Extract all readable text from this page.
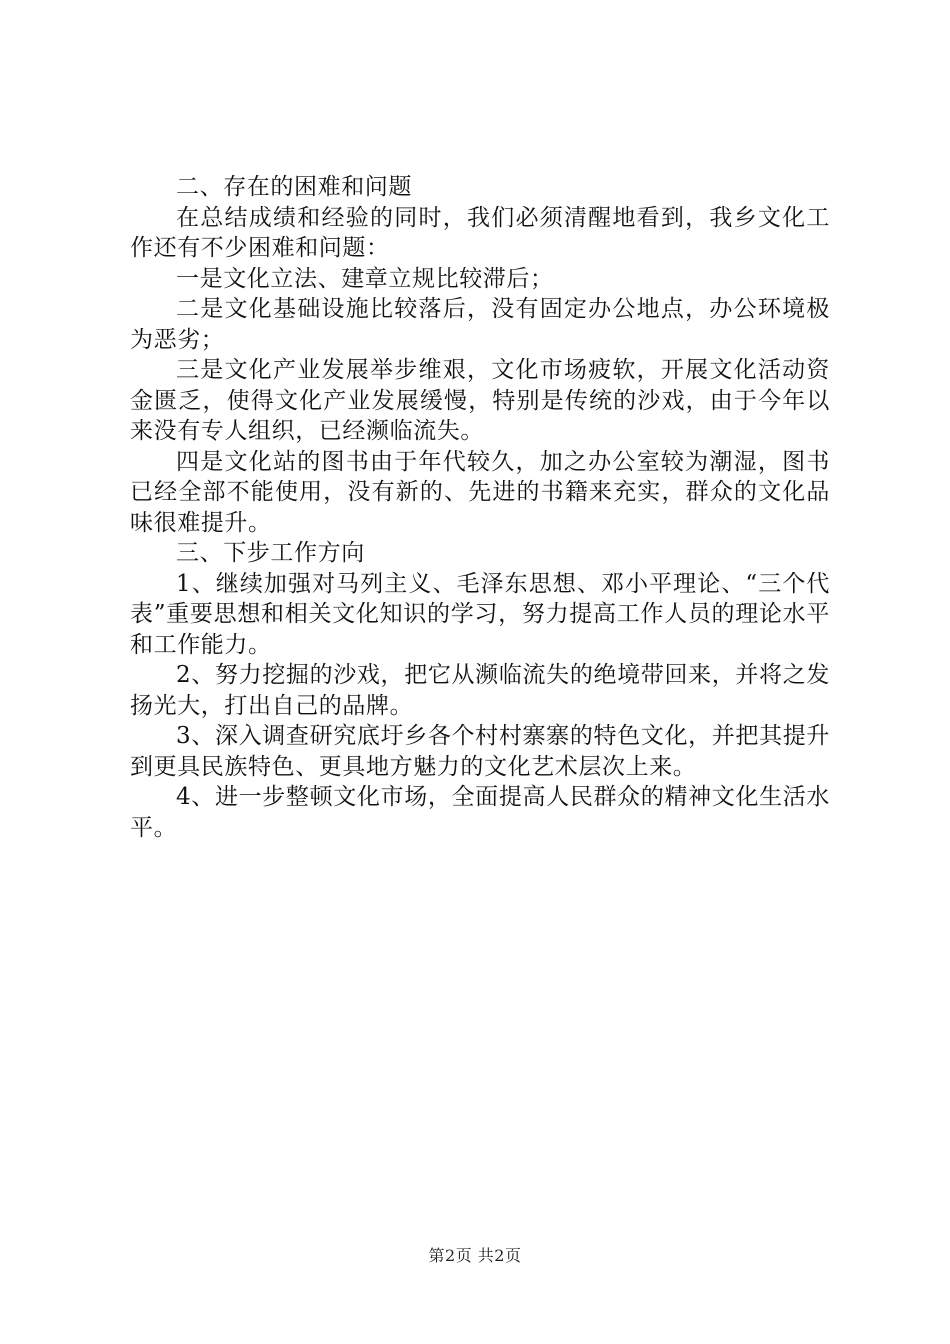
二、存在的困难和问题

在总结成绩和经验的同时，我们必须清醒地看到，我乡文化工作还有不少困难和问题：

一是文化立法、建章立规比较滞后；

二是文化基础设施比较落后，没有固定办公地点，办公环境极为恶劣；

三是文化产业发展举步维艰，文化市场疲软，开展文化活动资金匮乏，使得文化产业发展缓慢，特别是传统的沙戏，由于今年以来没有专人组织，已经濒临流失。

四是文化站的图书由于年代较久，加之办公室较为潮湿，图书已经全部不能使用，没有新的、先进的书籍来充实，群众的文化品味很难提升。

三、下步工作方向

1、继续加强对马列主义、毛泽东思想、邓小平理论、“三个代表”重要思想和相关文化知识的学习，努力提高工作人员的理论水平和工作能力。

2、努力挖掘的沙戏，把它从濒临流失的绝境带回来，并将之发扬光大，打出自己的品牌。

3、深入调查研究底圩乡各个村村寨寨的特色文化，并把其提升到更具民族特色、更具地方魅力的文化艺术层次上来。

4、进一步整顿文化市场，全面提高人民群众的精神文化生活水平。

第2页 共2页
